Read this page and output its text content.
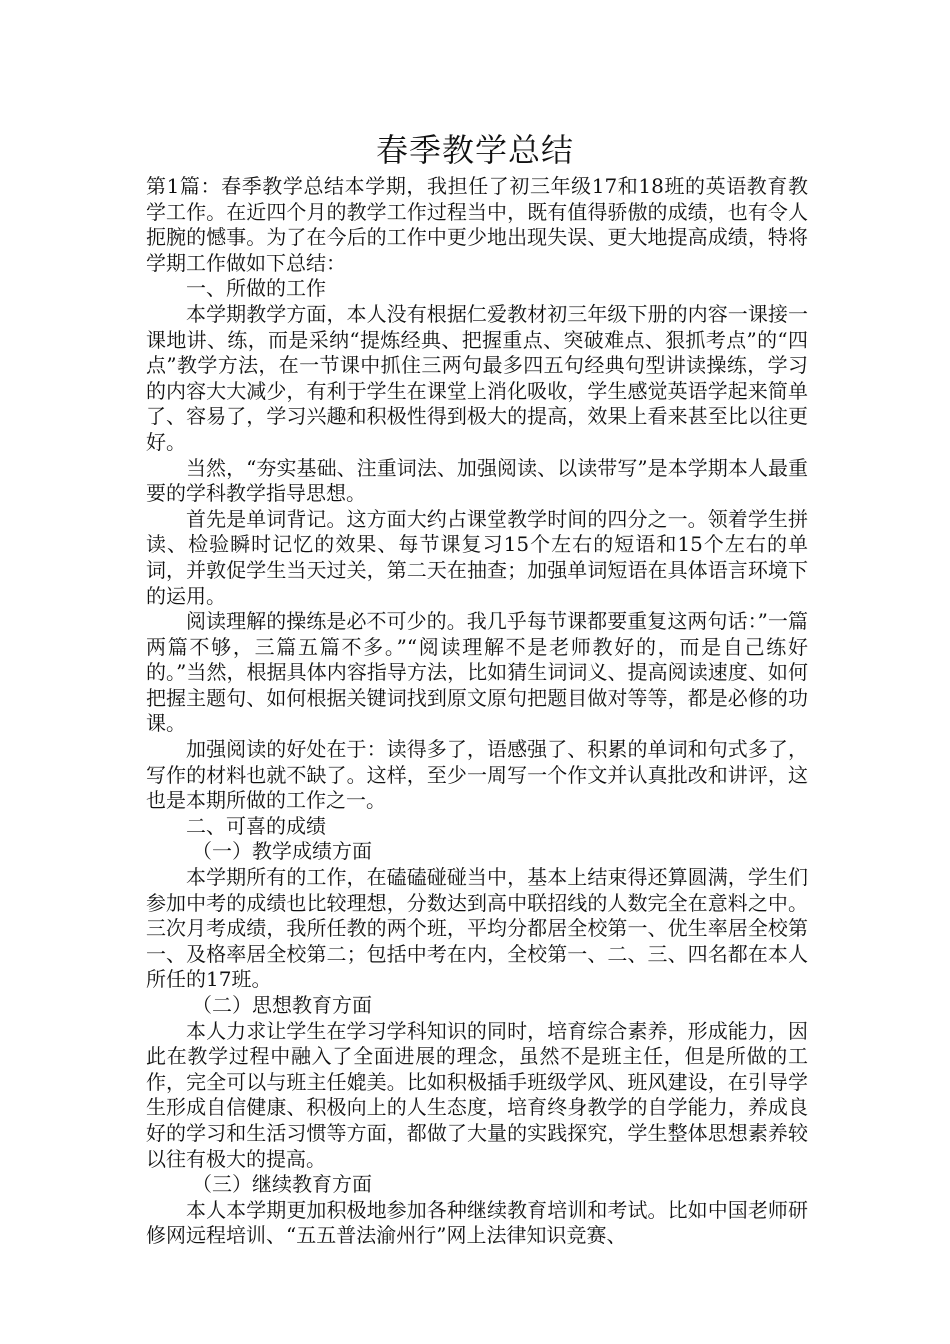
春季教学总结

第1篇：春季教学总结本学期，我担任了初三年级17和18班的英语教育教学工作。在近四个月的教学工作过程当中，既有值得骄傲的成绩，也有令人扼腕的憾事。为了在今后的工作中更少地出现失误、更大地提高成绩，特将学期工作做如下总结：

一、所做的工作

本学期教学方面，本人没有根据仁爱教材初三年级下册的内容一课接一课地讲、练，而是采纳“提炼经典、把握重点、突破难点、狠抓考点”的“四点”教学方法，在一节课中抓住三两句最多四五句经典句型讲读操练，学习的内容大大减少，有利于学生在课堂上消化吸收，学生感觉英语学起来简单了、容易了，学习兴趣和积极性得到极大的提高，效果上看来甚至比以往更好。

当然，“夯实基础、注重词法、加强阅读、以读带写”是本学期本人最重要的学科教学指导思想。

首先是单词背记。这方面大约占课堂教学时间的四分之一。领着学生拼读、检验瞬时记忆的效果、每节课复习15个左右的短语和15个左右的单词，并敦促学生当天过关，第二天在抽查；加强单词短语在具体语言环境下的运用。

阅读理解的操练是必不可少的。我几乎每节课都要重复这两句话：”一篇两篇不够，三篇五篇不多。”“阅读理解不是老师教好的，而是自己练好的。”当然，根据具体内容指导方法，比如猜生词词义、提高阅读速度、如何把握主题句、如何根据关键词找到原文原句把题目做对等等，都是必修的功课。

加强阅读的好处在于：读得多了，语感强了、积累的单词和句式多了，写作的材料也就不缺了。这样，至少一周写一个作文并认真批改和讲评，这也是本期所做的工作之一。

二、可喜的成绩

（一）教学成绩方面

本学期所有的工作，在磕磕碰碰当中，基本上结束得还算圆满，学生们参加中考的成绩也比较理想，分数达到高中联招线的人数完全在意料之中。三次月考成绩，我所任教的两个班，平均分都居全校第一、优生率居全校第一、及格率居全校第二；包括中考在内，全校第一、二、三、四名都在本人所任的17班。

（二）思想教育方面

本人力求让学生在学习学科知识的同时，培育综合素养，形成能力，因此在教学过程中融入了全面进展的理念，虽然不是班主任，但是所做的工作，完全可以与班主任媲美。比如积极插手班级学风、班风建设，在引导学生形成自信健康、积极向上的人生态度，培育终身教学的自学能力，养成良好的学习和生活习惯等方面，都做了大量的实践探究，学生整体思想素养较以往有极大的提高。

（三）继续教育方面

本人本学期更加积极地参加各种继续教育培训和考试。比如中国老师研修网远程培训、“五五普法渝州行”网上法律知识竞赛、
